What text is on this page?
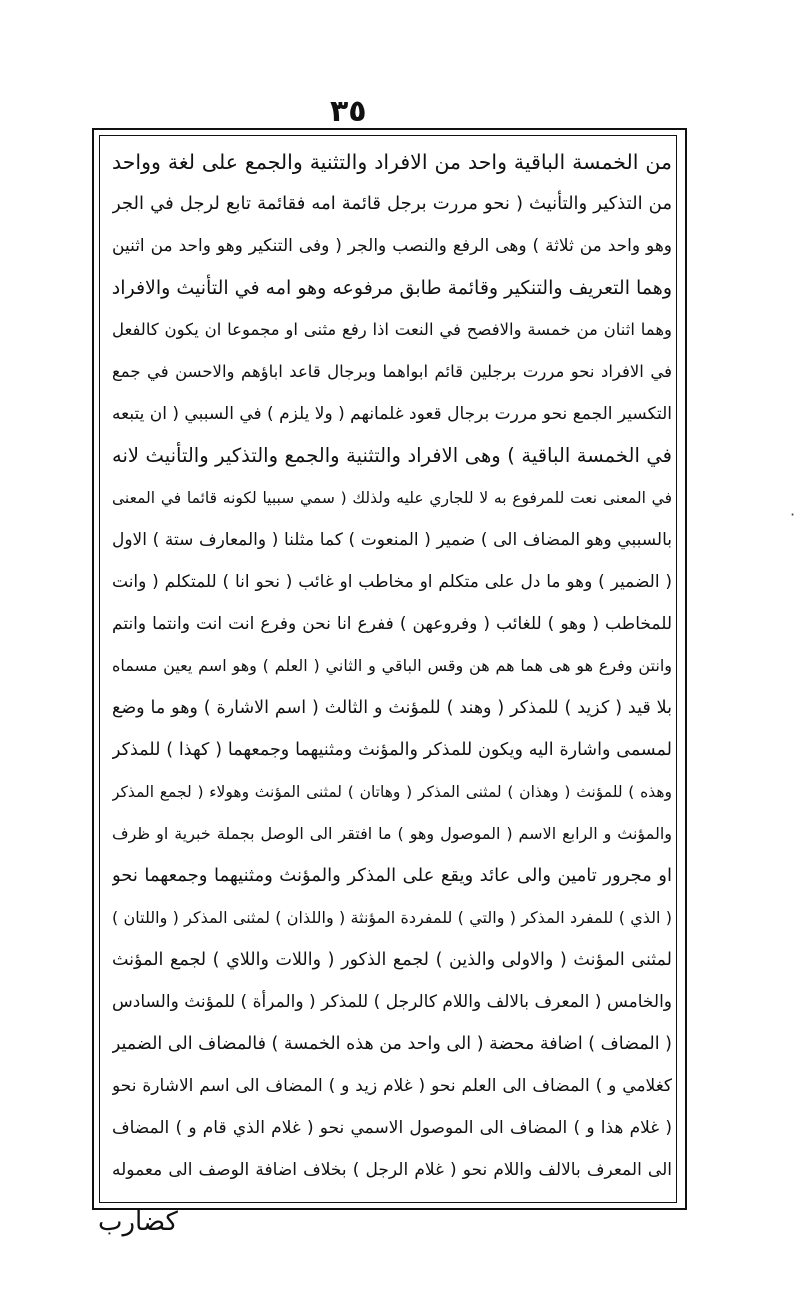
٣٥
·
من الخمسة الباقية واحد من الافراد والتثنية والجمع على لغة وواحد
من التذكير والتأنيث ( نحو مررت برجل قائمة امه فقائمة تابع لرجل في الجر
وهو واحد من ثلاثة ) وهى الرفع والنصب والجر ( وفى التنكير وهو واحد من اثنين
وهما التعريف والتنكير وقائمة طابق مرفوعه وهو امه في التأنيث والافراد
وهما اثنان من خمسة والافصح في النعت اذا رفع مثنى او مجموعا ان يكون كالفعل
في الافراد نحو مررت برجلين قائم ابواهما وبرجال قاعد اباؤهم والاحسن في جمع
التكسير الجمع نحو مررت برجال قعود غلمانهم ( ولا يلزم ) في السببي ( ان يتبعه
في الخمسة الباقية ) وهى الافراد والتثنية والجمع والتذكير والتأنيث لانه
في المعنى نعت للمرفوع به لا للجاري عليه ولذلك ( سمي سببيا لكونه قائما في المعنى
بالسببي وهو المضاف الى ) ضمير ( المنعوت ) كما مثلنا ( والمعارف ستة ) الاول
( الضمير ) وهو ما دل على متكلم او مخاطب او غائب ( نحو انا ) للمتكلم ( وانت
للمخاطب ( وهو ) للغائب ( وفروعهن ) ففرع انا نحن وفرع انت انت وانتما وانتم
وانتن وفرع هو هى هما هم هن وقس الباقي و الثاني ( العلم ) وهو اسم يعين مسماه
بلا قيد ( كزيد ) للمذكر ( وهند ) للمؤنث و الثالث ( اسم الاشارة ) وهو ما وضع
لمسمى واشارة اليه ويكون للمذكر والمؤنث ومثنيهما وجمعهما ( كهذا ) للمذكر
وهذه ) للمؤنث ( وهذان ) لمثنى المذكر ( وهاتان ) لمثنى المؤنث وهولاء ( لجمع المذكر
والمؤنث و الرابع الاسم ( الموصول وهو ) ما افتقر الى الوصل بجملة خبرية او ظرف
او مجرور تامين والى عائد ويقع على المذكر والمؤنث ومثنيهما وجمعهما نحو
( الذي ) للمفرد المذكر ( والتي ) للمفردة المؤنثة ( واللذان ) لمثنى المذكر ( واللتان )
لمثنى المؤنث ( والاولى والذين ) لجمع الذكور ( واللات واللاي ) لجمع المؤنث
والخامس ( المعرف بالالف واللام كالرجل ) للمذكر ( والمرأة ) للمؤنث والسادس
( المضاف ) اضافة محضة ( الى واحد من هذه الخمسة ) فالمضاف الى الضمير
كغلامي و ) المضاف الى العلم نحو ( غلام زيد و ) المضاف الى اسم الاشارة نحو
( غلام هذا و ) المضاف الى الموصول الاسمي نحو ( غلام الذي قام و ) المضاف
الى المعرف بالالف واللام نحو ( غلام الرجل ) بخلاف اضافة الوصف الى معموله
كضارب
